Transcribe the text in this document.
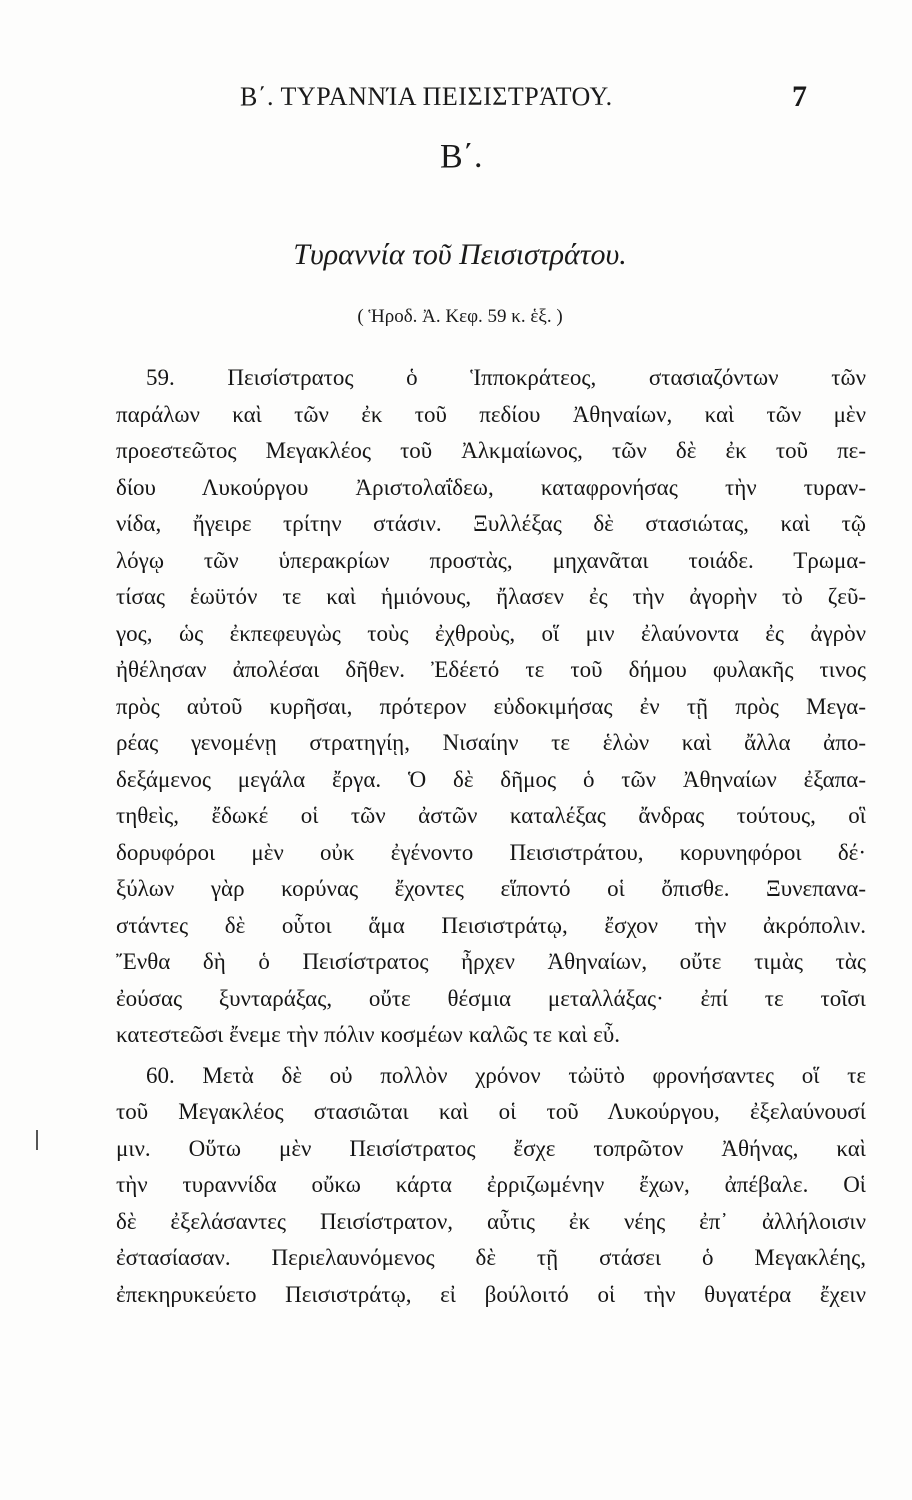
Β΄. ΤΥΡΑΝΝΊΑ ΠΕΙΣΙΣΤΡΆΤΟΥ.	7
Β΄.
Τυραννία τοῦ Πεισιστράτου.
( Ἡροδ. Ἀ. Κεφ. 59 κ. ἑξ. )
59. Πεισίστρατος ὁ Ἱπποκράτεος, στασιαζόντων τῶν
παράλων καὶ τῶν ἐκ τοῦ πεδίου Ἀθηναίων, καὶ τῶν μὲν
προεστεῶτος Μεγακλέος τοῦ Ἀλκμαίωνος, τῶν δὲ ἐκ τοῦ πε-
δίου Λυκούργου Ἀριστολαΐδεω, καταφρονήσας τὴν τυραν-
νίδα, ἤγειρε τρίτην στάσιν. Ξυλλέξας δὲ στασιώτας, καὶ τῷ
λόγῳ τῶν ὑπερακρίων προστὰς, μηχανᾶται τοιάδε. Τρωμα-
τίσας ἑωϋτόν τε καὶ ἡμιόνους, ἤλασεν ἐς τὴν ἀγορὴν τὸ ζεῦ-
γος, ὡς ἐκπεφευγὼς τοὺς ἐχθροὺς, οἵ μιν ἐλαύνοντα ἐς ἀγρὸν
ἠθέλησαν ἀπολέσαι δῆθεν. Ἐδέετό τε τοῦ δήμου φυλακῆς τινος
πρὸς αὐτοῦ κυρῆσαι, πρότερον εὐδοκιμήσας ἐν τῇ πρὸς Μεγα-
ρέας γενομένῃ στρατηγίῃ, Νισαίην τε ἑλὼν καὶ ἄλλα ἀπο-
δεξάμενος μεγάλα ἔργα. Ὁ δὲ δῆμος ὁ τῶν Ἀθηναίων ἐξαπα-
τηθεὶς, ἔδωκέ οἱ τῶν ἀστῶν καταλέξας ἄνδρας τούτους, οἳ
δορυφόροι μὲν οὐκ ἐγένοντο Πεισιστράτου, κορυνηφόροι δέ·
ξύλων γὰρ κορύνας ἔχοντες εἵποντό οἱ ὄπισθε. Ξυνεπανα-
στάντες δὲ οὗτοι ἅμα Πεισιστράτῳ, ἔσχον τὴν ἀκρόπολιν.
Ἔνθα δὴ ὁ Πεισίστρατος ἦρχεν Ἀθηναίων, οὔτε τιμὰς τὰς
ἐούσας ξυνταράξας, οὔτε θέσμια μεταλλάξας· ἐπί τε τοῖσι
κατεστεῶσι ἔνεμε τὴν πόλιν κοσμέων καλῶς τε καὶ εὖ.
60. Μετὰ δὲ οὐ πολλὸν χρόνον τὠϋτὸ φρονήσαντες οἵ τε
τοῦ Μεγακλέος στασιῶται καὶ οἱ τοῦ Λυκούργου, ἐξελαύνουσί
μιν. Οὕτω μὲν Πεισίστρατος ἔσχε τοπρῶτον Ἀθήνας, καὶ
τὴν τυραννίδα οὔκω κάρτα ἐρριζωμένην ἔχων, ἀπέβαλε. Οἱ
δὲ ἐξελάσαντες Πεισίστρατον, αὖτις ἐκ νέης ἐπ᾽ ἀλλήλοισιν
ἐστασίασαν. Περιελαυνόμενος δὲ τῇ στάσει ὁ Μεγακλέης,
ἐπεκηρυκεύετο Πεισιστράτῳ, εἰ βούλοιτό οἱ τὴν θυγατέρα ἔχειν
